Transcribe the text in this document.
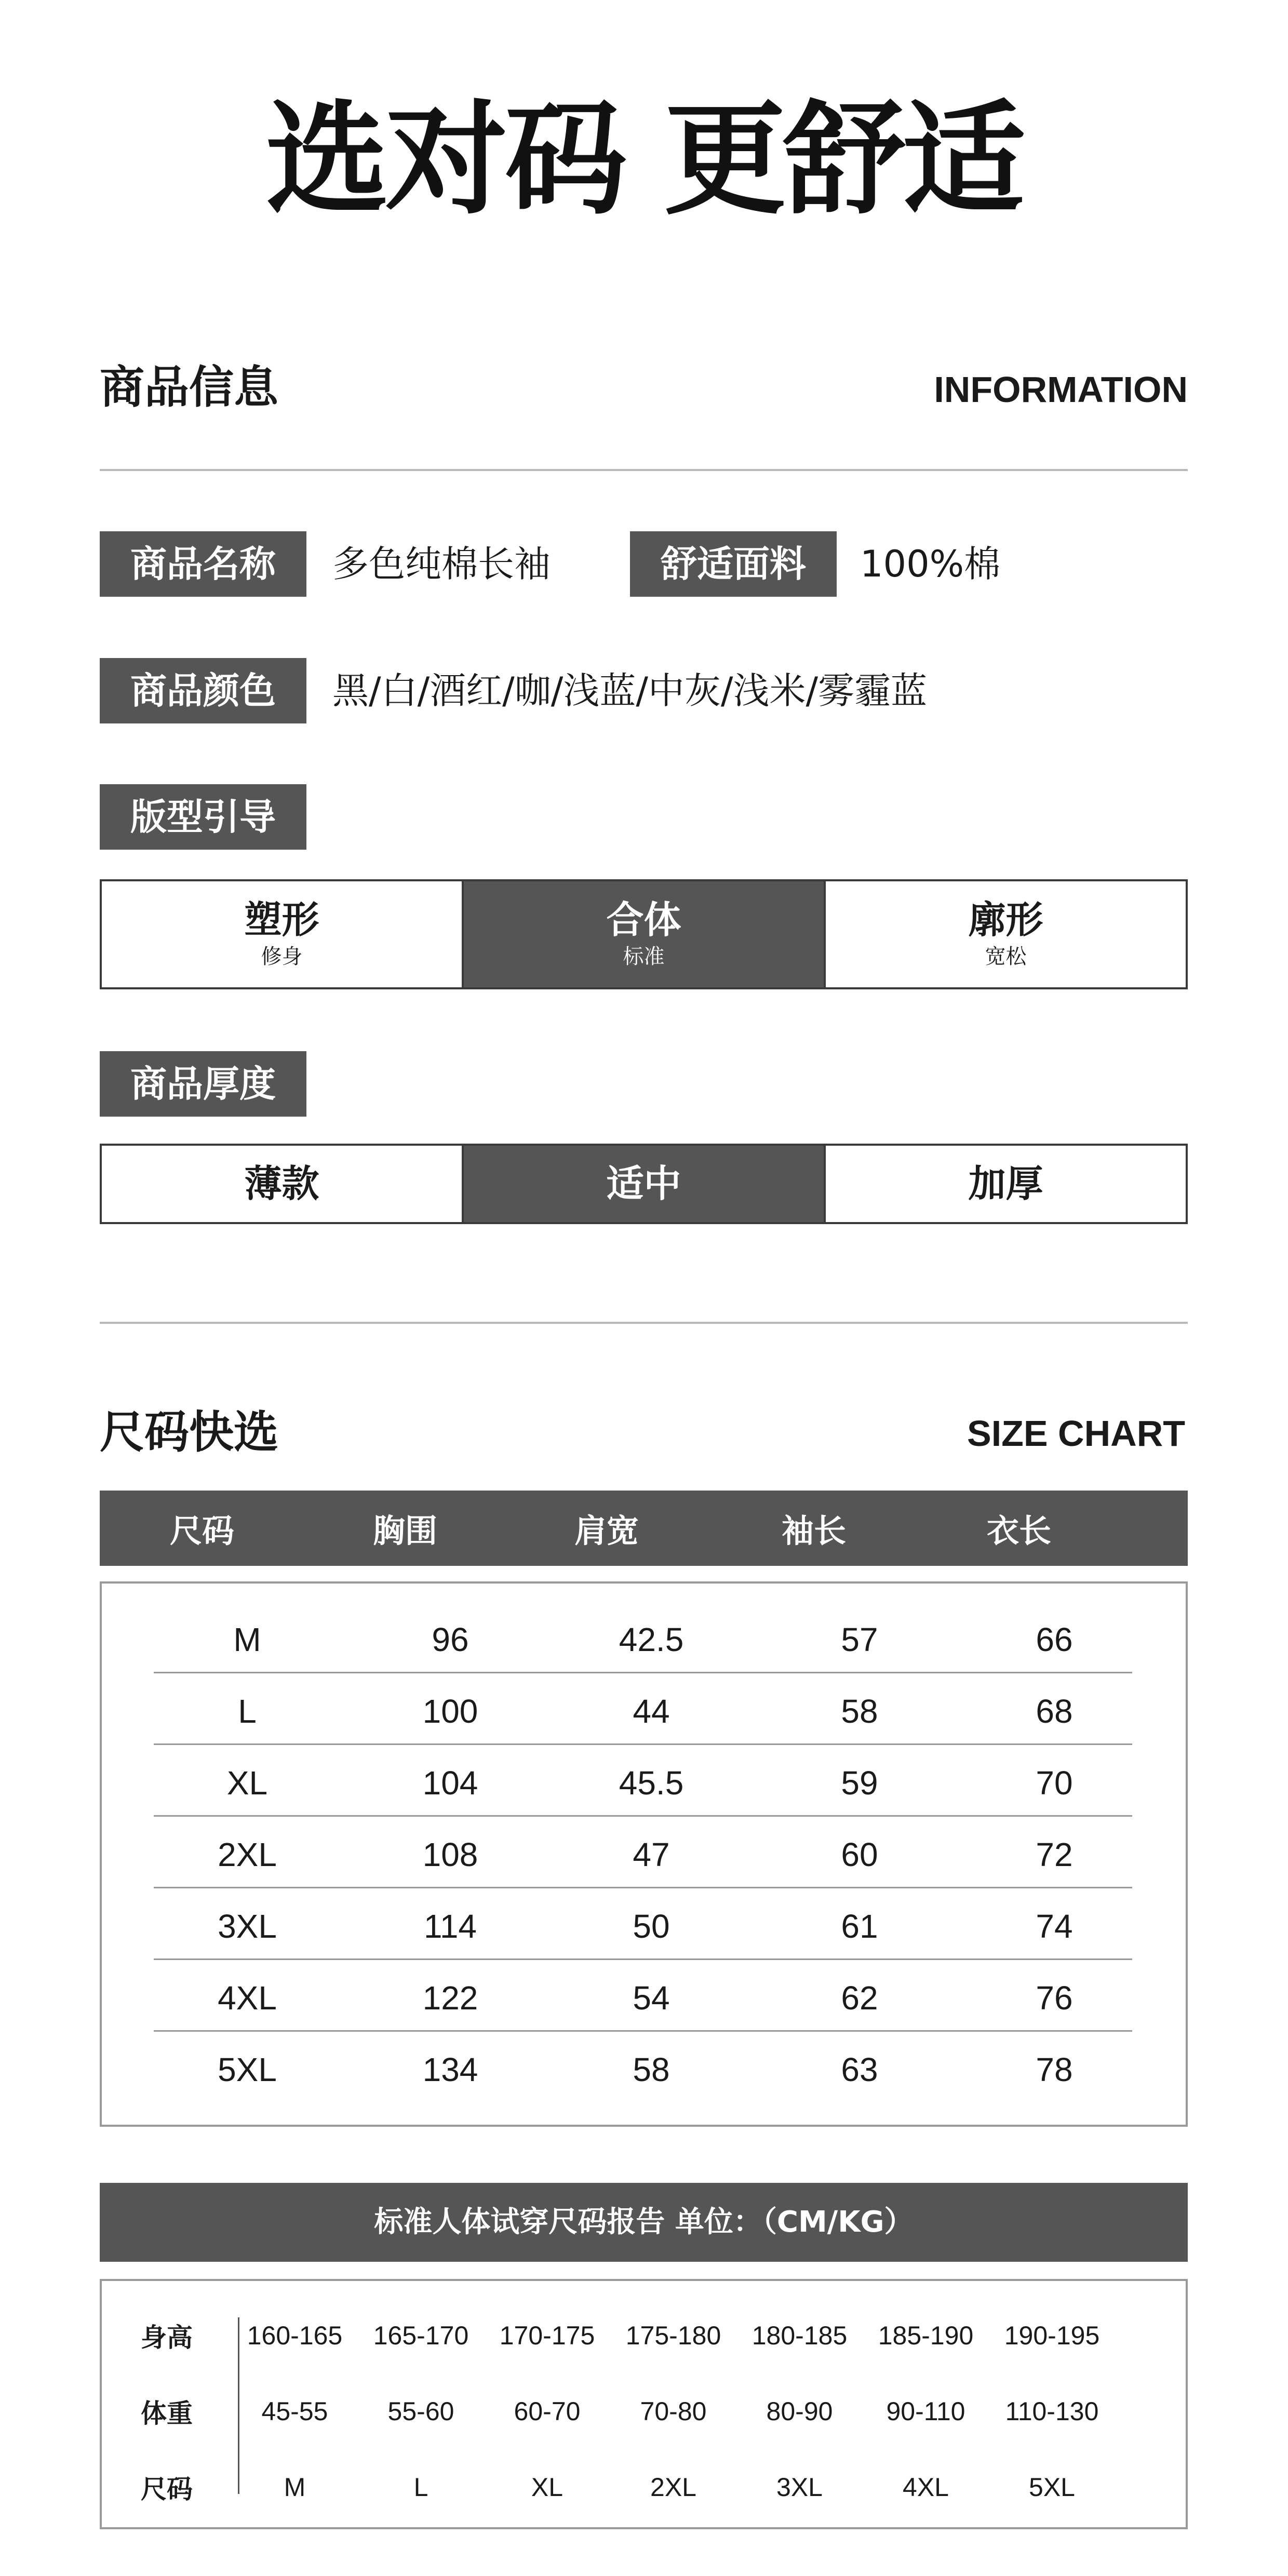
选对码 更舒适
商品信息	INFORMATION
商品名称	多色纯棉长袖	舒适面料	100%棉
商品颜色	黑/白/酒红/咖/浅蓝/中灰/浅米/雾霾蓝
版型引导
塑形
修身
合体
标准
廓形
宽松
商品厚度
薄款	适中	加厚
尺码快选	SIZE CHART
尺码	胸围	肩宽	袖长	衣长
M	96	42.5	57	66
L	100	44	58	68
XL	104	45.5	59	70
2XL	108	47	60	72
3XL	114	50	61	74
4XL	122	54	62	76
5XL	134	58	63	78
标准人体试穿尺码报告 单位：（CM/KG）
身高	160-165	165-170	170-175	175-180	180-185	185-190	190-195
体重	45-55	55-60	60-70	70-80	80-90	90-110	110-130
尺码	M	L	XL	2XL	3XL	4XL	5XL
